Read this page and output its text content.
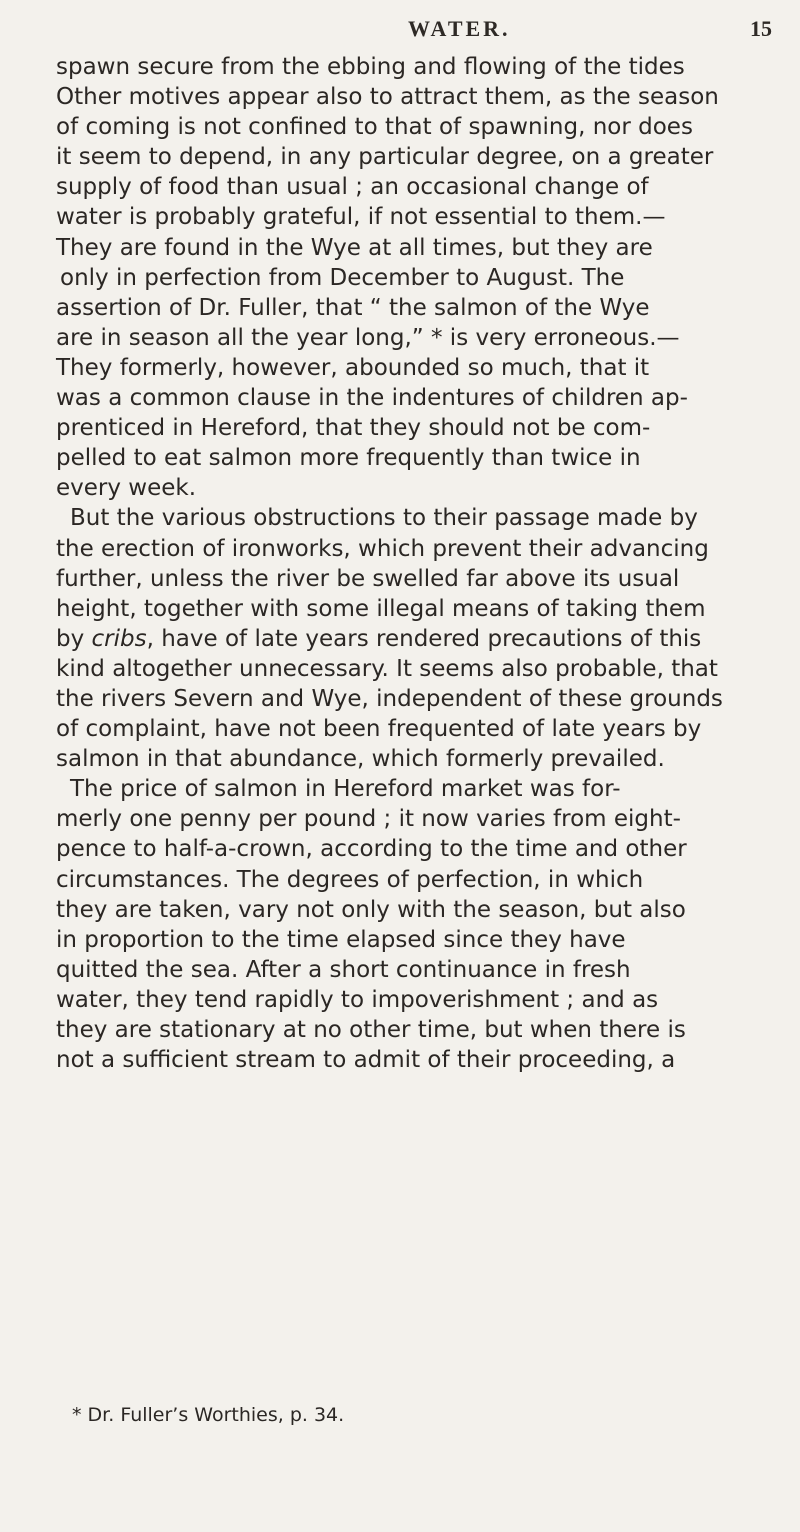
WATER.	15
spawn secure from the ebbing and flowing of the tides
Other motives appear also to attract them, as the season
of coming is not confined to that of spawning, nor does
it seem to depend, in any particular degree, on a greater
supply of food than usual ; an occasional change of
water is probably grateful, if not essential to them.—
They are found in the Wye at all times, but they are
only in perfection from December to August. The
assertion of Dr. Fuller, that “ the salmon of the Wye
are in season all the year long,” * is very erroneous.—
They formerly, however, abounded so much, that it
was a common clause in the indentures of children ap-
prenticed in Hereford, that they should not be com-
pelled to eat salmon more frequently than twice in
every week.
But the various obstructions to their passage made by
the erection of ironworks, which prevent their advancing
further, unless the river be swelled far above its usual
height, together with some illegal means of taking them
by cribs, have of late years rendered precautions of this
kind altogether unnecessary. It seems also probable, that
the rivers Severn and Wye, independent of these grounds
of complaint, have not been frequented of late years by
salmon in that abundance, which formerly prevailed.
The price of salmon in Hereford market was for-
merly one penny per pound ; it now varies from eight-
pence to half-a-crown, according to the time and other
circumstances. The degrees of perfection, in which
they are taken, vary not only with the season, but also
in proportion to the time elapsed since they have
quitted the sea. After a short continuance in fresh
water, they tend rapidly to impoverishment ; and as
they are stationary at no other time, but when there is
not a sufficient stream to admit of their proceeding, a
* Dr. Fuller’s Worthies, p. 34.
